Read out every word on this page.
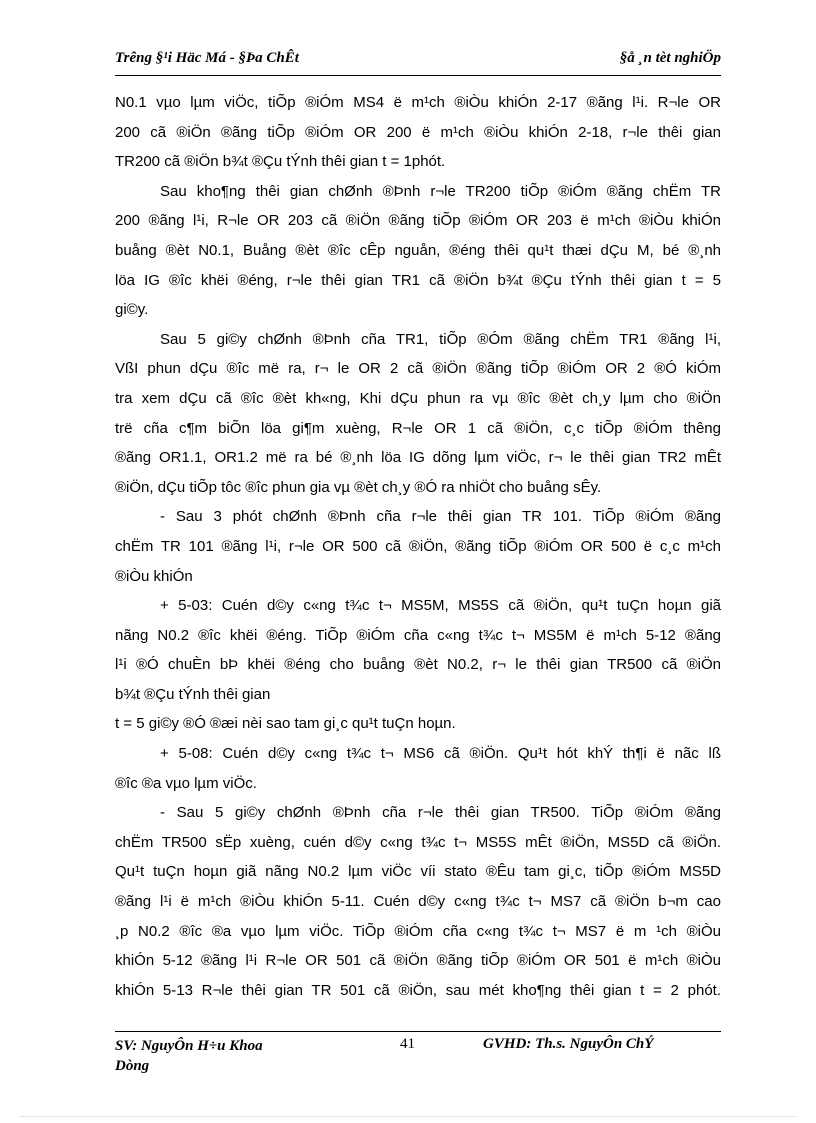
Trêng §¹i Häc Má - §Þa ChÊt	§å ¸n tèt nghiÖp
N0.1 vµo lµm viÖc, tiÕp ®iÓm MS4 ë m¹ch ®iÒu khiÓn 2-17 ®ãng l¹i. R¬le OR
200 cã ®iÖn ®ãng tiÕp ®iÓm OR 200 ë m¹ch ®iÒu khiÓn 2-18, r¬le thêi gian
TR200 cã ®iÖn b¾t ®Çu tÝnh thêi gian t = 1phót.
Sau kho¶ng thêi gian chØnh ®Þnh r¬le TR200 tiÕp ®iÓm ®ãng chËm TR
200 ®ãng l¹i, R¬le OR 203 cã ®iÖn ®ãng tiÕp ®iÓm OR 203 ë m¹ch ®iÒu khiÓn
buång ®èt N0.1, Buång ®èt ®îc cÊp nguån, ®éng thêi qu¹t thæi dÇu M, bé ®¸nh
löa IG ®îc khëi ®éng, r¬le thêi gian TR1 cã ®iÖn b¾t ®Çu tÝnh thêi gian t = 5
gi©y.
Sau 5 gi©y chØnh ®Þnh cña TR1, tiÕp ®Óm ®ãng chËm TR1 ®ãng l¹i,
VßI phun dÇu ®îc më ra, r¬ le OR 2 cã ®iÖn ®ãng tiÕp ®iÓm OR 2 ®Ó kiÓm
tra xem dÇu cã ®îc ®èt kh«ng, Khi dÇu phun ra vµ ®îc ®èt ch¸y lµm cho ®iÖn
trë cña c¶m biÕn löa gi¶m xuèng, R¬le OR 1 cã ®iÖn, c¸c tiÕp ®iÓm thêng
®ãng OR1.1, OR1.2 më ra bé ®¸nh löa IG dõng lµm viÖc, r¬ le thêi gian TR2 mÊt
®iÖn, dÇu tiÕp tôc ®îc phun gia vµ ®èt ch¸y ®Ó ra nhiÖt cho buång sÊy.
- Sau 3 phót chØnh ®Þnh cña r¬le thêi gian TR 101. TiÕp ®iÓm ®ãng
chËm TR 101 ®ãng l¹i, r¬le OR 500 cã ®iÖn, ®ãng tiÕp ®iÓm OR 500 ë c¸c m¹ch
®iÒu khiÓn
+ 5-03: Cuén d©y c«ng t¾c t¬ MS5M, MS5S cã ®iÖn, qu¹t tuÇn hoµn giã
nãng N0.2 ®îc khëi ®éng. TiÕp ®iÓm cña c«ng t¾c t¬ MS5M ë m¹ch 5-12 ®ãng
l¹i ®Ó chuÈn bÞ khëi ®éng cho buång ®èt N0.2, r¬ le thêi gian TR500 cã ®iÖn
b¾t ®Çu tÝnh thêi gian
t = 5 gi©y ®Ó ®æi nèi sao tam gi¸c qu¹t tuÇn hoµn.
+ 5-08: Cuén d©y c«ng t¾c t¬ MS6 cã ®iÖn. Qu¹t hót khÝ th¶i ë nãc lß
®îc ®a vµo lµm viÖc.
- Sau 5 gi©y chØnh ®Þnh cña r¬le thêi gian TR500. TiÕp ®iÓm ®ãng
chËm TR500 sËp xuèng, cuén d©y c«ng t¾c t¬ MS5S mÊt ®iÖn, MS5D cã ®iÖn.
Qu¹t tuÇn hoµn giã nãng N0.2 lµm viÖc víi stato ®Êu tam gi¸c, tiÕp ®iÓm MS5D
®ãng l¹i ë m¹ch ®iÒu khiÓn 5-11. Cuén d©y c«ng t¾c t¬ MS7 cã ®iÖn b¬m cao
¸p N0.2 ®îc ®a vµo lµm viÖc. TiÕp ®iÓm cña c«ng t¾c t¬ MS7 ë m ¹ch ®iÒu
khiÓn 5-12 ®ãng l¹i R¬le OR 501 cã ®iÖn ®ãng tiÕp ®iÓm OR 501 ë m¹ch ®iÒu
khiÓn 5-13 R¬le thêi gian TR 501 cã ®iÖn, sau mét kho¶ng thêi gian t = 2 phót.
SV: NguyÔn H÷u Khoa
Dòng
41	GVHD: Th.s. NguyÔn ChÝ
